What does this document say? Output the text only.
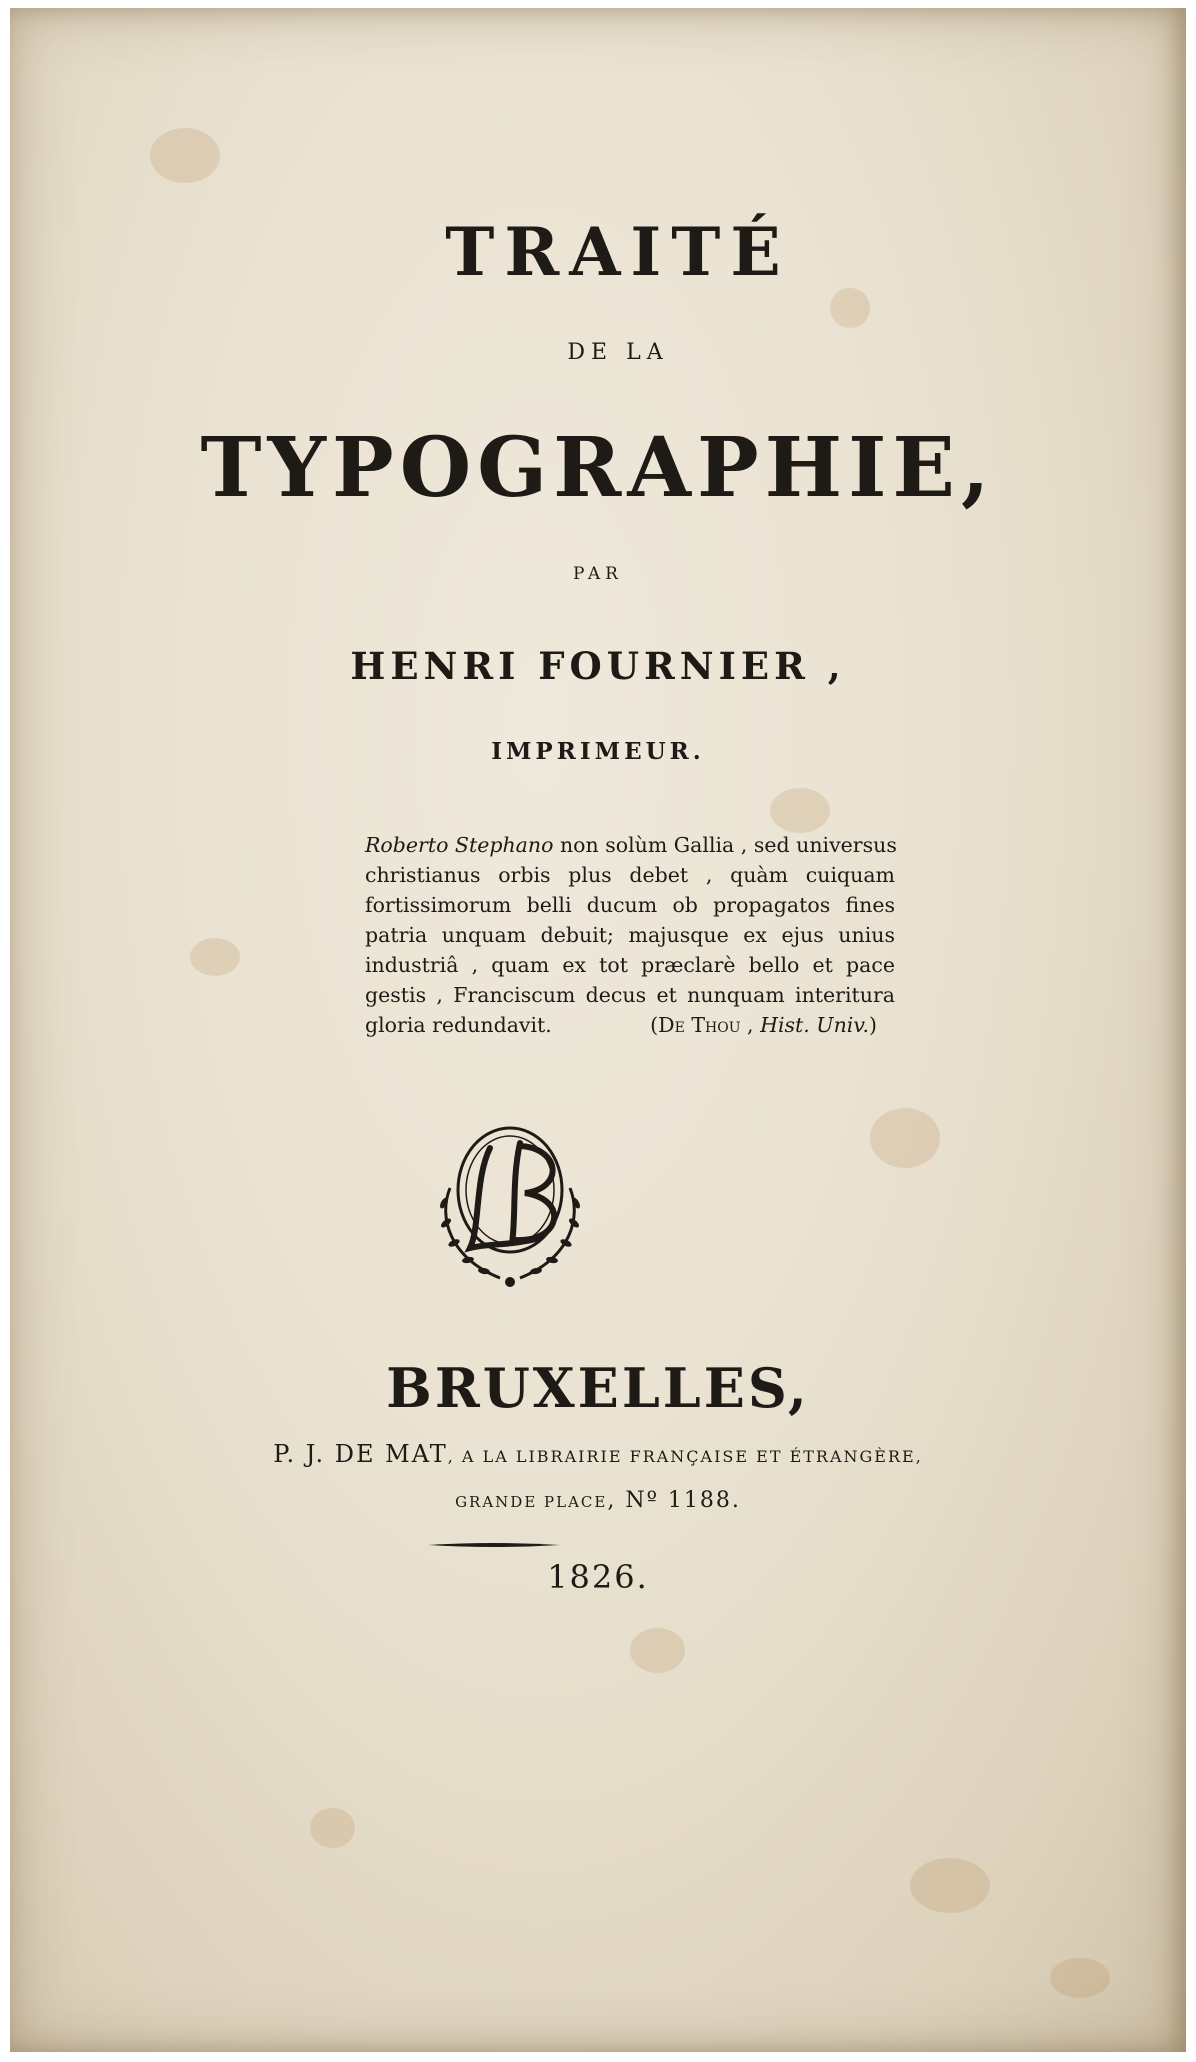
TRAITÉ
DE LA
TYPOGRAPHIE,
PAR
HENRI FOURNIER ,
IMPRIMEUR.
Roberto Stephano non solùm Gallia , sed universus
christianus orbis plus debet , quàm cuiquam
fortissimorum belli ducum ob propagatos fines
patria unquam debuit; majusque ex ejus unius
industriâ , quam ex tot præclarè bello et pace
gestis , Franciscum decus et nunquam interitura
gloria redundavit.	(De Thou , Hist. Univ.)
BRUXELLES,
P. J. DE MAT, A LA LIBRAIRIE FRANÇAISE ET ÉTRANGÈRE,
GRANDE PLACE, Nº 1188.
1826.
